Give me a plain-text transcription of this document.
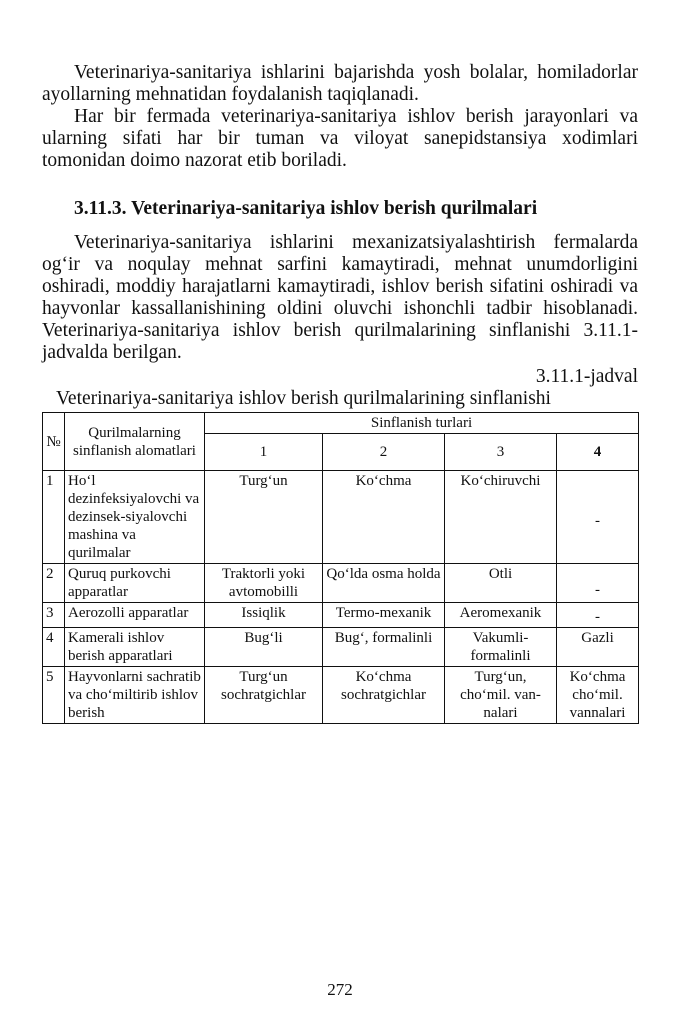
Veterinariya-sanitariya ishlarini bajarishda yosh bolalar, homiladorlar ayollarning mehnatidan foydalanish taqiqlanadi.

Har bir fermada veterinariya-sanitariya ishlov berish jarayonlari va ularning sifati har bir tuman va viloyat sanepidstansiya xodimlari tomonidan doimo nazorat etib boriladi.

3.11.3. Veterinariya-sanitariya ishlov berish qurilmalari

Veterinariya-sanitariya ishlarini mexanizatsiyalashtirish fermalarda og‘ir va noqulay mehnat sarfini kamaytiradi, mehnat unumdorligini oshiradi, moddiy harajatlarni kamaytiradi, ishlov berish sifatini oshiradi va hayvonlar kassallanishining oldini oluvchi ishonchli tadbir hisoblanadi. Veterinariya-sanitariya ishlov berish qurilmalarining sinflanishi 3.11.1-jadvalda berilgan.

3.11.1-jadval
Veterinariya-sanitariya ishlov berish qurilmalarining sinflanishi
№	Qurilmalarning sinflanish alomatlari	Sinflanish turlari			
		1	2	3	4
1	Ho‘l dezinfeksiyalovchi va dezinsek-siyalovchi mashina va qurilmalar	Turg‘un	Ko‘chma	Ko‘chiruvchi	-

2	Quruq purkovchi apparatlar	Traktorli yoki avtomobilli	Qo‘lda osma holda	Otli	-

3	Aerozolli apparatlar	Issiqlik	Termo-mexanik	Aeromexanik	-

4	Kamerali ishlov berish apparatlari	Bug‘li	Bug‘, formalinli	Vakumli-formalinli	Gazli
5	Hayvonlarni sachratib va cho‘miltirib ishlov berish	Turg‘un sochratgichlar	Ko‘chma sochratgichlar	Turg‘un, cho‘mil. van-nalari	Ko‘chma cho‘mil. vannalari
272
